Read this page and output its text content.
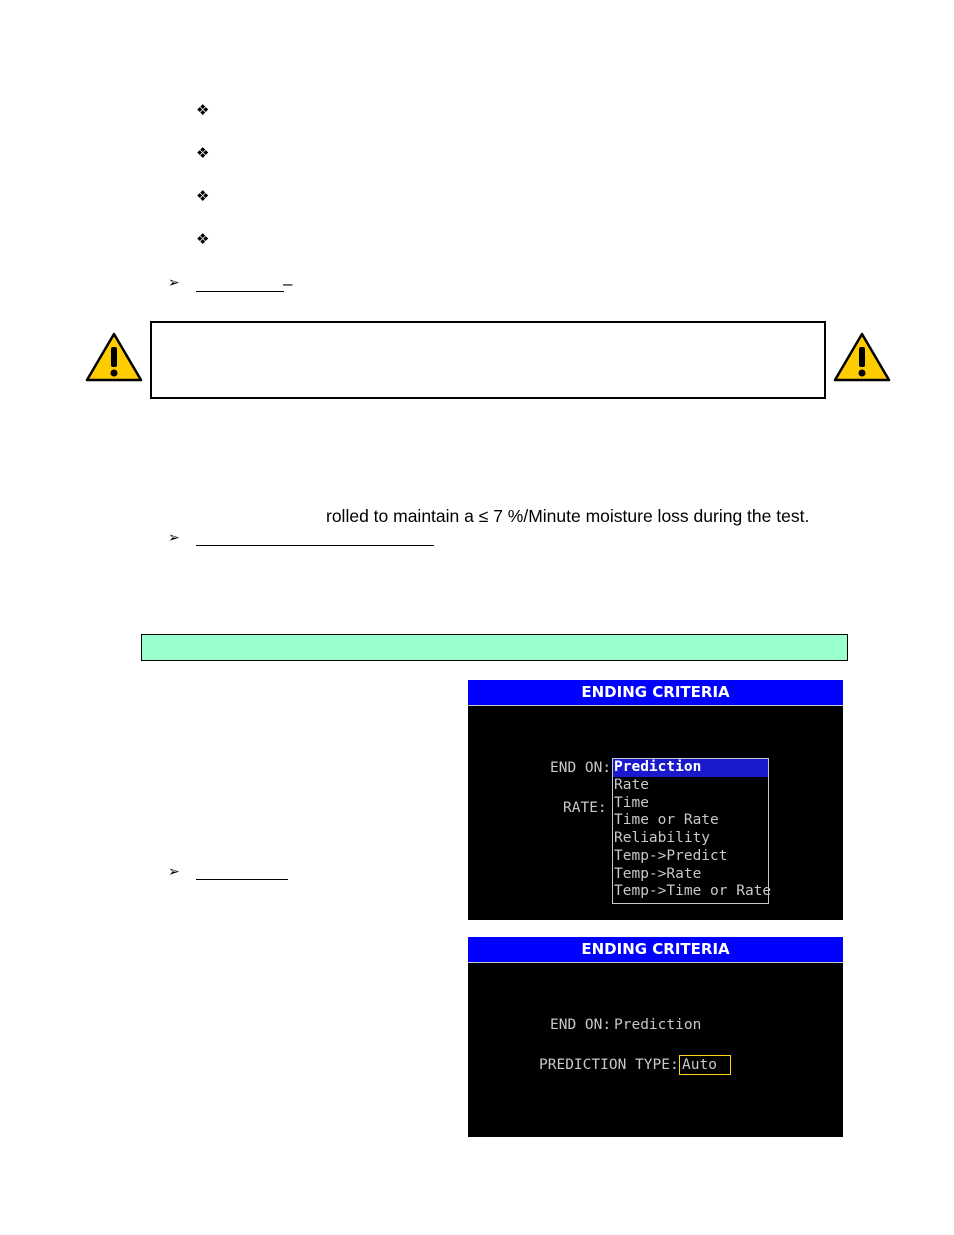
❖
❖
❖
❖
➢	–
rolled to maintain a ≤ 7 %/Minute moisture loss during the test.
➢
➢
ENDING CRITERIA
END ON:
RATE:
Prediction
Rate
Time
Time or Rate
Reliability
Temp->Predict
Temp->Rate
Temp->Time or Rate
ENDING CRITERIA
END ON: Prediction
PREDICTION TYPE: Auto
